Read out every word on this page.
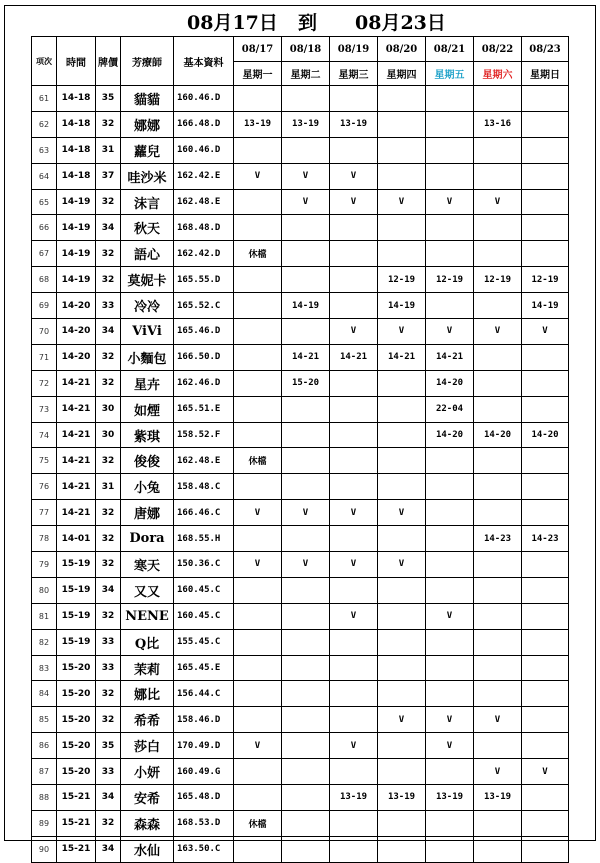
08月17日 到 08月23日
项次	時間	牌價	芳療師	基本資料	08/17	08/18	08/19	08/20	08/21	08/22	08/23
					星期一	星期二	星期三	星期四	星期五	星期六	星期日
61	14-18	35	貓貓	160.46.D							
62	14-18	32	娜娜	166.48.D	13-19	13-19	13-19			13-16	
63	14-18	31	蘿兒	160.46.D							
64	14-18	37	哇沙米	162.42.E	V	V	V				
65	14-19	32	沫言	162.48.E		V	V	V	V	V	
66	14-19	34	秋天	168.48.D							
67	14-19	32	語心	162.42.D	休檔						
68	14-19	32	莫妮卡	165.55.D				12-19	12-19	12-19	12-19
69	14-20	33	冷冷	165.52.C		14-19		14-19			14-19
70	14-20	34	ViVi	165.46.D			V	V	V	V	V
71	14-20	32	小麵包	166.50.D		14-21	14-21	14-21	14-21		
72	14-21	32	星卉	162.46.D		15-20			14-20		
73	14-21	30	如煙	165.51.E					22-04		
74	14-21	30	紫琪	158.52.F					14-20	14-20	14-20
75	14-21	32	俊俊	162.48.E	休檔						
76	14-21	31	小兔	158.48.C							
77	14-21	32	唐娜	166.46.C	V	V	V	V			
78	14-01	32	Dora	168.55.H						14-23	14-23
79	15-19	32	寒天	150.36.C	V	V	V	V			
80	15-19	34	又又	160.45.C							
81	15-19	32	NENE	160.45.C			V		V		
82	15-19	33	Q比	155.45.C							
83	15-20	33	茉莉	165.45.E							
84	15-20	32	娜比	156.44.C							
85	15-20	32	希希	158.46.D				V	V	V	
86	15-20	35	莎白	170.49.D	V		V		V		
87	15-20	33	小妍	160.49.G						V	V
88	15-21	34	安希	165.48.D			13-19	13-19	13-19	13-19	
89	15-21	32	森森	168.53.D	休檔						
90	15-21	34	水仙	163.50.C							
